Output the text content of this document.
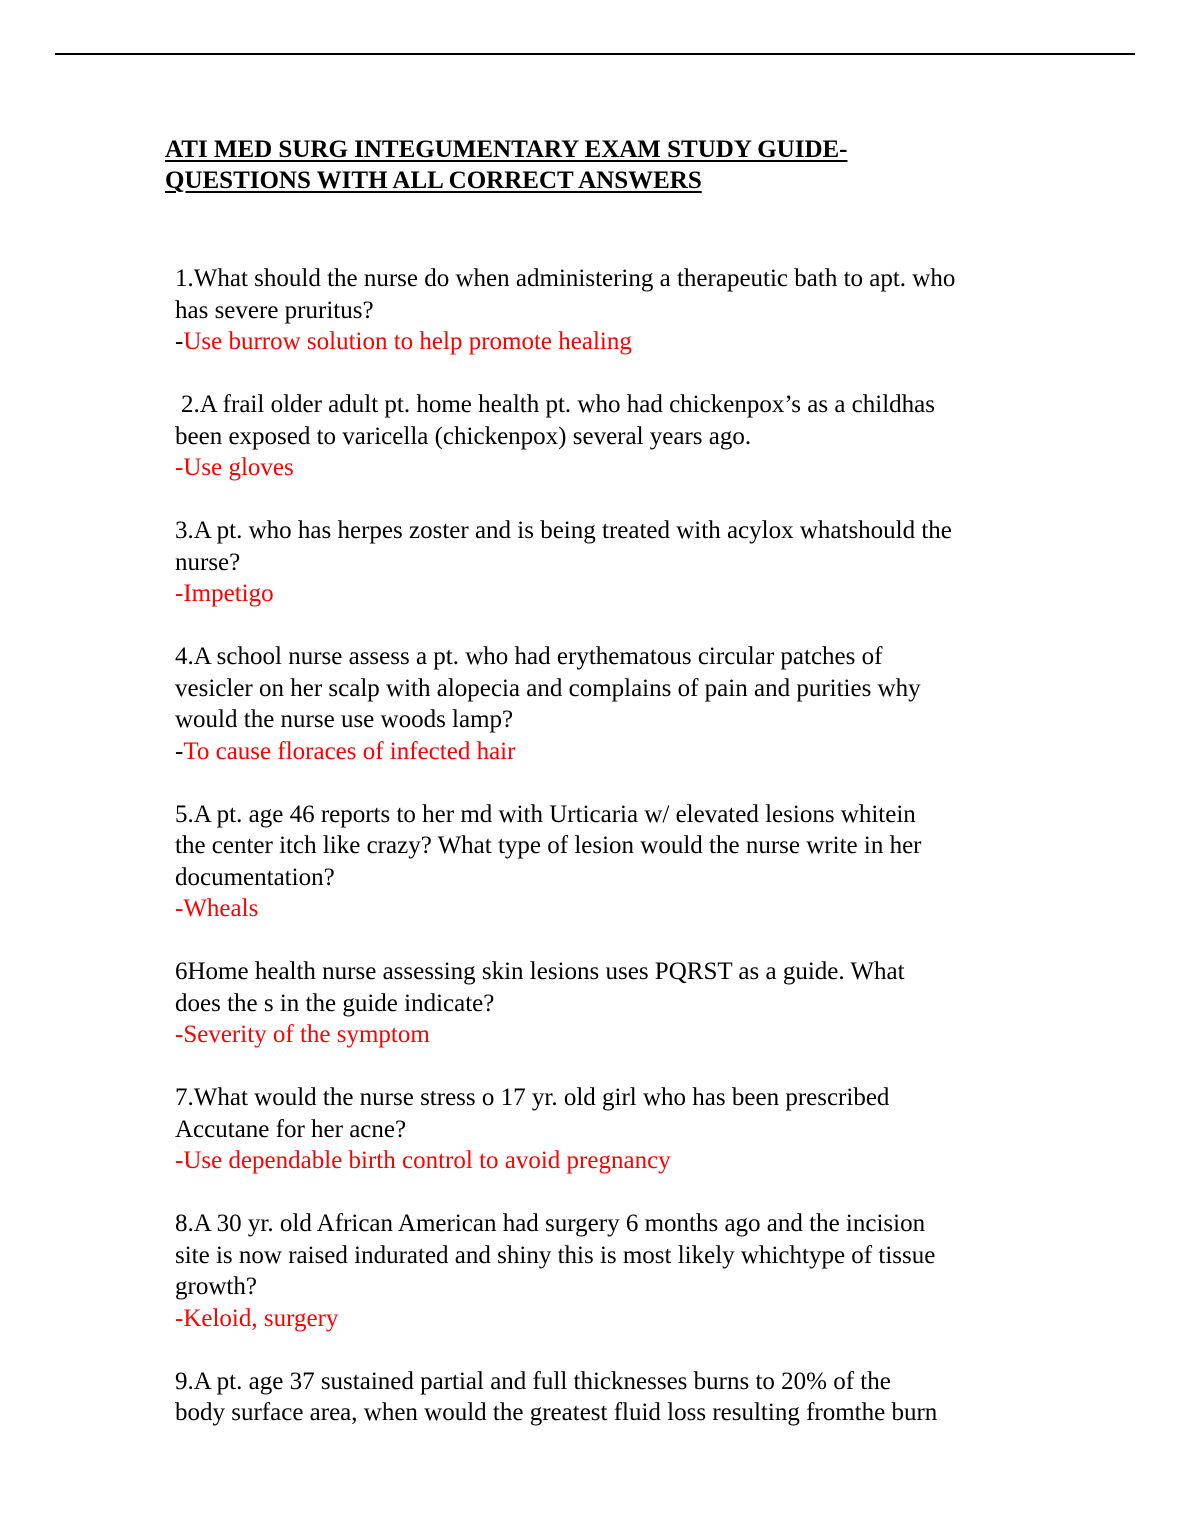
ATI MED SURG INTEGUMENTARY EXAM STUDY GUIDE-
QUESTIONS WITH ALL CORRECT ANSWERS
1.What should the nurse do when administering a therapeutic bath to apt. who
has severe pruritus?
-Use burrow solution to help promote healing
2.A frail older adult pt. home health pt. who had chickenpox’s as a childhas
been exposed to varicella (chickenpox) several years ago.
-Use gloves
3.A pt. who has herpes zoster and is being treated with acylox whatshould the
nurse?
-Impetigo
4.A school nurse assess a pt. who had erythematous circular patches of
vesicler on her scalp with alopecia and complains of pain and purities why
would the nurse use woods lamp?
-To cause floraces of infected hair
5.A pt. age 46 reports to her md with Urticaria w/ elevated lesions whitein
the center itch like crazy? What type of lesion would the nurse write in her
documentation?
-Wheals
6Home health nurse assessing skin lesions uses PQRST as a guide. What
does the s in the guide indicate?
-Severity of the symptom
7.What would the nurse stress o 17 yr. old girl who has been prescribed
Accutane for her acne?
-Use dependable birth control to avoid pregnancy
8.A 30 yr. old African American had surgery 6 months ago and the incision
site is now raised indurated and shiny this is most likely whichtype of tissue
growth?
-Keloid, surgery
9.A pt. age 37 sustained partial and full thicknesses burns to 20% of the
body surface area, when would the greatest fluid loss resulting fromthe burn
